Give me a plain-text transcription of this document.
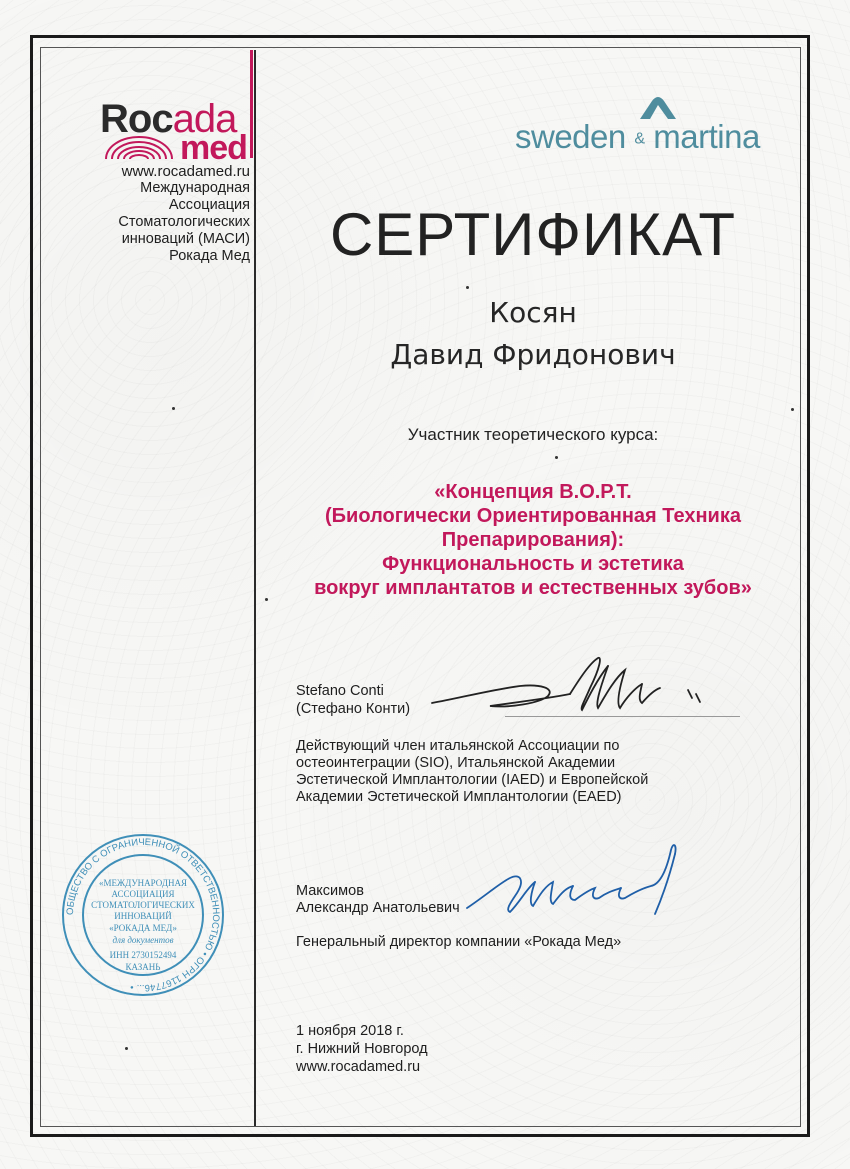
Rocada
med
www.rocadamed.ru
Международная
Ассоциация
Стоматологических
инноваций (МАСИ)
Рокада Мед
sweden & martina
СЕРТИФИКАТ
Косян
Давид Фридонович
Участник теоретического курса:
«Концепция В.О.Р.Т.
(Биологически Ориентированная Техника
Препарирования):
Функциональность и эстетика
вокруг имплантатов и естественных зубов»
Stefano Conti
(Стефано Конти)
Действующий член итальянской Ассоциации по
остеоинтеграции (SIO), Итальянской Академии
Эстетической Имплантологии (IAED) и Европейской
Академии Эстетической Имплантологии (EAED)
ОБЩЕСТВО С ОГРАНИЧЕННОЙ ОТВЕТСТВЕННОСТЬЮ • ОГРН 1167746... •
«МЕЖДУНАРОДНАЯ
АССОЦИАЦИЯ
СТОМАТОЛОГИЧЕСКИХ
ИННОВАЦИЙ
«РОКАДА МЕД»
для документов
ИНН 2730152494
КАЗАНЬ
Максимов
Александр Анатольевич
Генеральный директор компании «Рокада Мед»
1 ноября 2018 г.
г. Нижний Новгород
www.rocadamed.ru
